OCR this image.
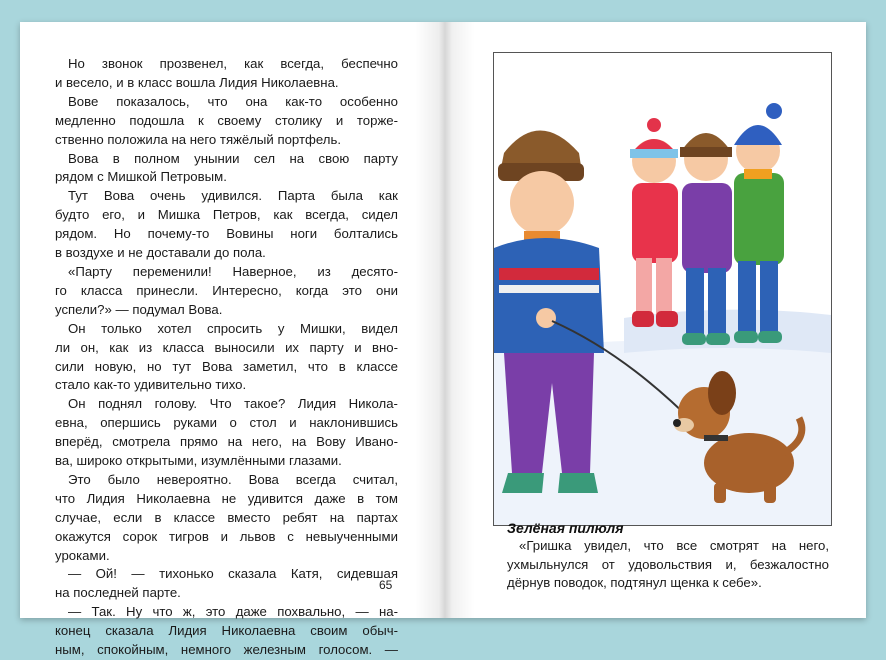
Но звонок прозвенел, как всегда, беспечно
и весело, и в класс вошла Лидия Николаевна.
Вове показалось, что она как-то особенно
медленно подошла к своему столику и торже-
ственно положила на него тяжёлый портфель.
Вова в полном унынии сел на свою парту
рядом с Мишкой Петровым.
Тут Вова очень удивился. Парта была как
будто его, и Мишка Петров, как всегда, сидел
рядом. Но почему-то Вовины ноги болтались
в воздухе и не доставали до пола.
«Парту переменили! Наверное, из десято-
го класса принесли. Интересно, когда это они
успели?» — подумал Вова.
Он только хотел спросить у Мишки, видел
ли он, как из класса выносили их парту и вно-
сили новую, но тут Вова заметил, что в классе
стало как-то удивительно тихо.
Он поднял голову. Что такое? Лидия Никола-
евна, опершись руками о стол и наклонившись
вперёд, смотрела прямо на него, на Вову Ивано-
ва, широко открытыми, изумлёнными глазами.
Это было невероятно. Вова всегда считал,
что Лидия Николаевна не удивится даже в том
случае, если в классе вместо ребят на партах
окажутся сорок тигров и львов с невыученными
уроками.
— Ой! — тихонько сказала Катя, сидевшая
на последней парте.
— Так. Ну что ж, это даже похвально, — на-
конец сказала Лидия Николаевна своим обыч-
ным, спокойным, немного железным голосом. —
65
Зелёная пилюля
«Гришка увидел, что все смотрят на него,
ухмыльнулся от удовольствия и, безжалостно
дёрнув поводок, подтянул щенка к себе».
